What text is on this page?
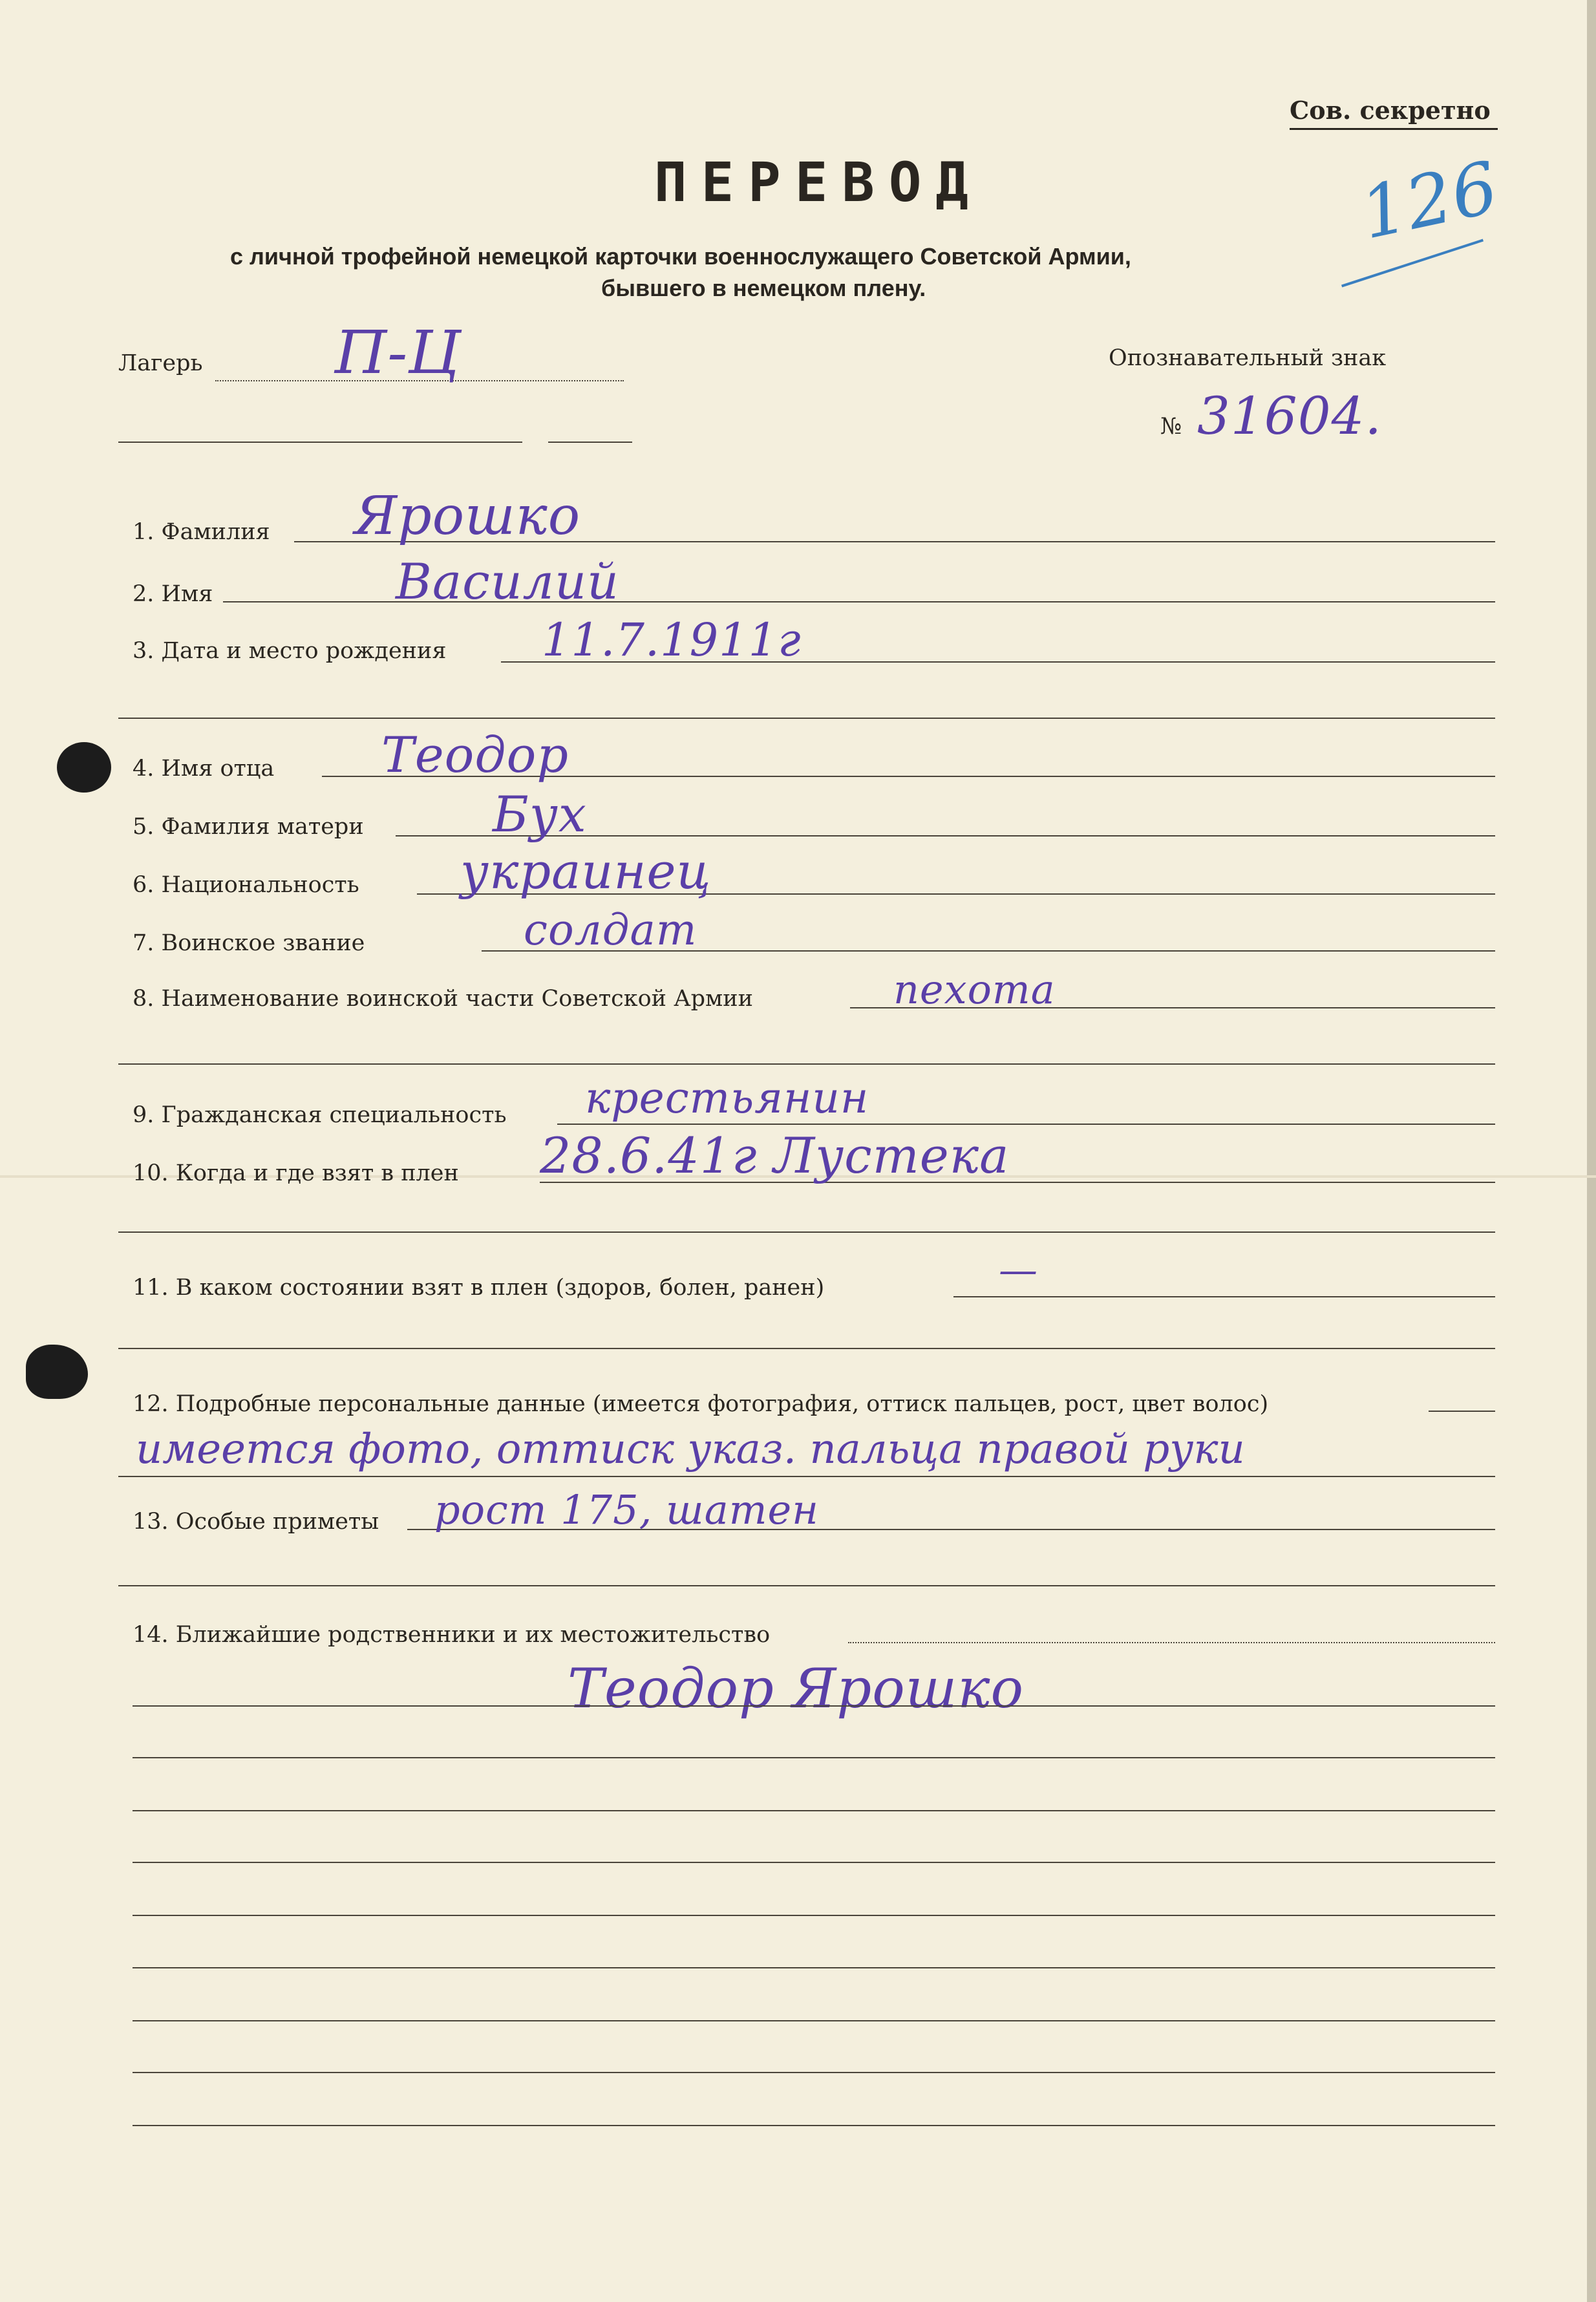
Сов. секретно
126
ПЕРЕВОД
с личной трофейной немецкой карточки военнослужащего Советской Армии,
бывшего в немецком плену.
Лагерь П-Ц	Опознавательный знак
№ 31604.
1. Фамилия Ярошко
2. Имя	Василий
3. Дата и место рождения 11.7.1911г
4. Имя отца Теодор
5. Фамилия матери	Бух
6. Национальность украинец
7. Воинское звание	солдат
8. Наименование воинской части Советской Армии	пехота
9. Гражданская специальность крестьянин
10. Когда и где взят в плен 28.6.41г Лустека
11. В каком состоянии взят в плен (здоров, болен, ранен)	—
12. Подробные персональные данные (имеется фотография, оттиск пальцев, рост, цвет волос)
имеется фото, оттиск указ. пальца правой руки
13. Особые приметы рост 175, шатен
14. Ближайшие родственники и их местожительство
Теодор Ярошко
